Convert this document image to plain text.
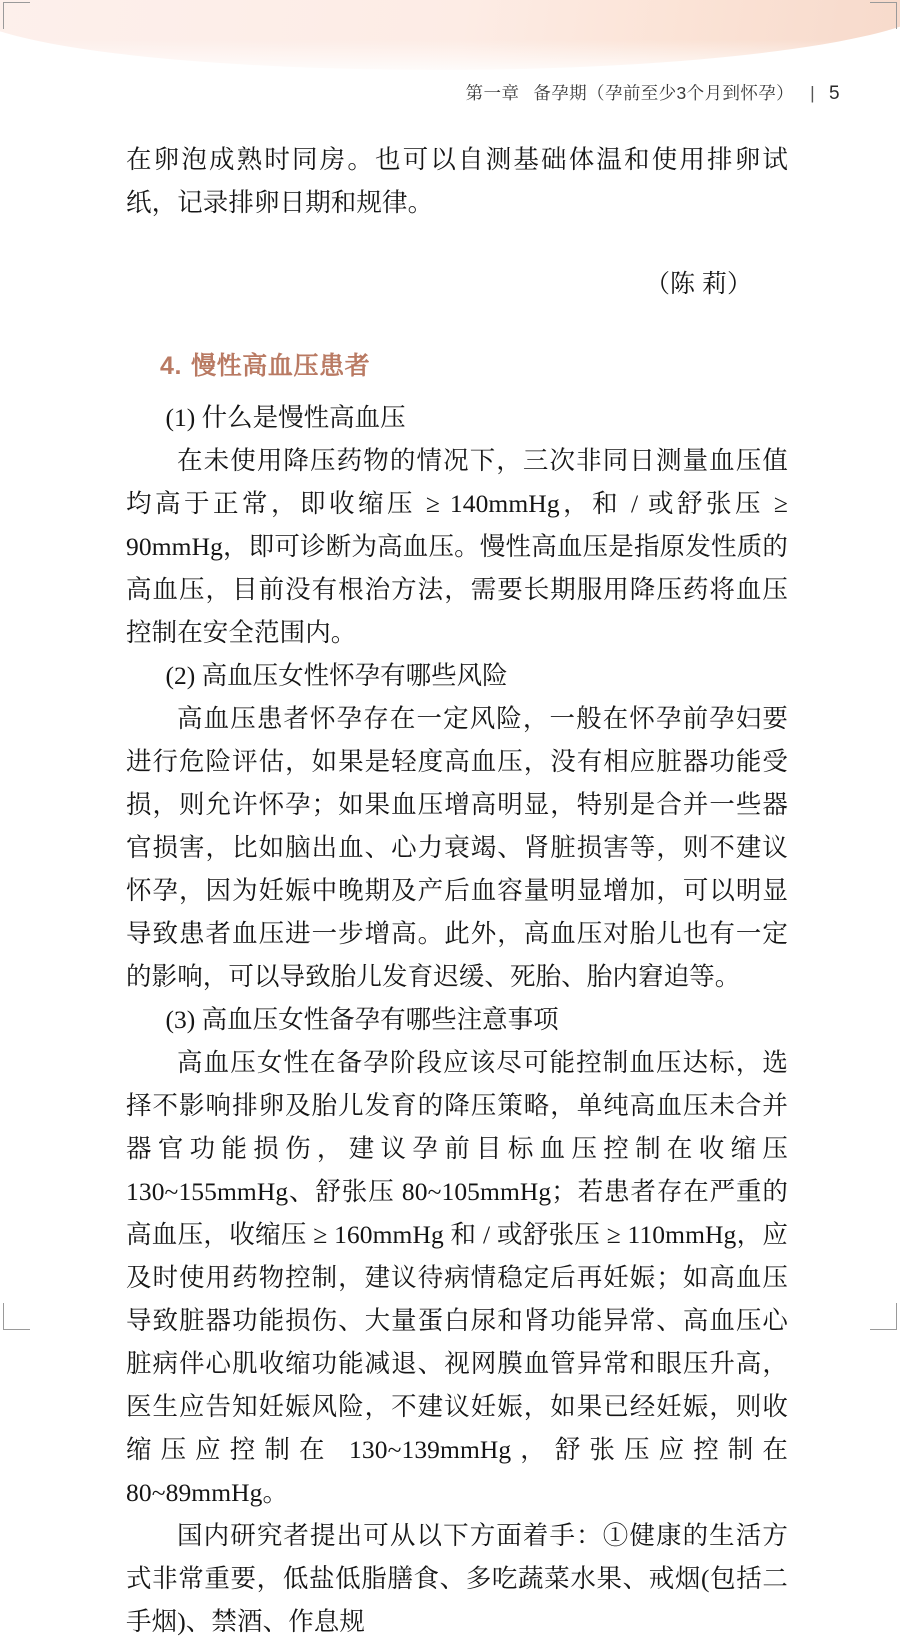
第一章 备孕期（孕前至少3个月到怀孕） | 5

在卵泡成熟时同房。也可以自测基础体温和使用排卵试纸，记录排卵日期和规律。

（陈 莉）
4. 慢性高血压患者

(1) 什么是慢性高血压

在未使用降压药物的情况下，三次非同日测量血压值均高于正常，即收缩压 ≥ 140mmHg，和 / 或舒张压 ≥ 90mmHg，即可诊断为高血压。慢性高血压是指原发性质的高血压，目前没有根治方法，需要长期服用降压药将血压控制在安全范围内。

(2) 高血压女性怀孕有哪些风险

高血压患者怀孕存在一定风险，一般在怀孕前孕妇要进行危险评估，如果是轻度高血压，没有相应脏器功能受损，则允许怀孕；如果血压增高明显，特别是合并一些器官损害，比如脑出血、心力衰竭、肾脏损害等，则不建议怀孕，因为妊娠中晚期及产后血容量明显增加，可以明显导致患者血压进一步增高。此外，高血压对胎儿也有一定的影响，可以导致胎儿发育迟缓、死胎、胎内窘迫等。

(3) 高血压女性备孕有哪些注意事项

高血压女性在备孕阶段应该尽可能控制血压达标，选择不影响排卵及胎儿发育的降压策略，单纯高血压未合并器官功能损伤，建议孕前目标血压控制在收缩压 130~155mmHg、舒张压 80~105mmHg；若患者存在严重的高血压，收缩压 ≥ 160mmHg 和 / 或舒张压 ≥ 110mmHg，应及时使用药物控制，建议待病情稳定后再妊娠；如高血压导致脏器功能损伤、大量蛋白尿和肾功能异常、高血压心脏病伴心肌收缩功能减退、视网膜血管异常和眼压升高，医生应告知妊娠风险，不建议妊娠，如果已经妊娠，则收缩压应控制在 130~139mmHg，舒张压应控制在 80~89mmHg。

国内研究者提出可从以下方面着手：①健康的生活方式非常重要，低盐低脂膳食、多吃蔬菜水果、戒烟(包括二手烟)、禁酒、作息规
